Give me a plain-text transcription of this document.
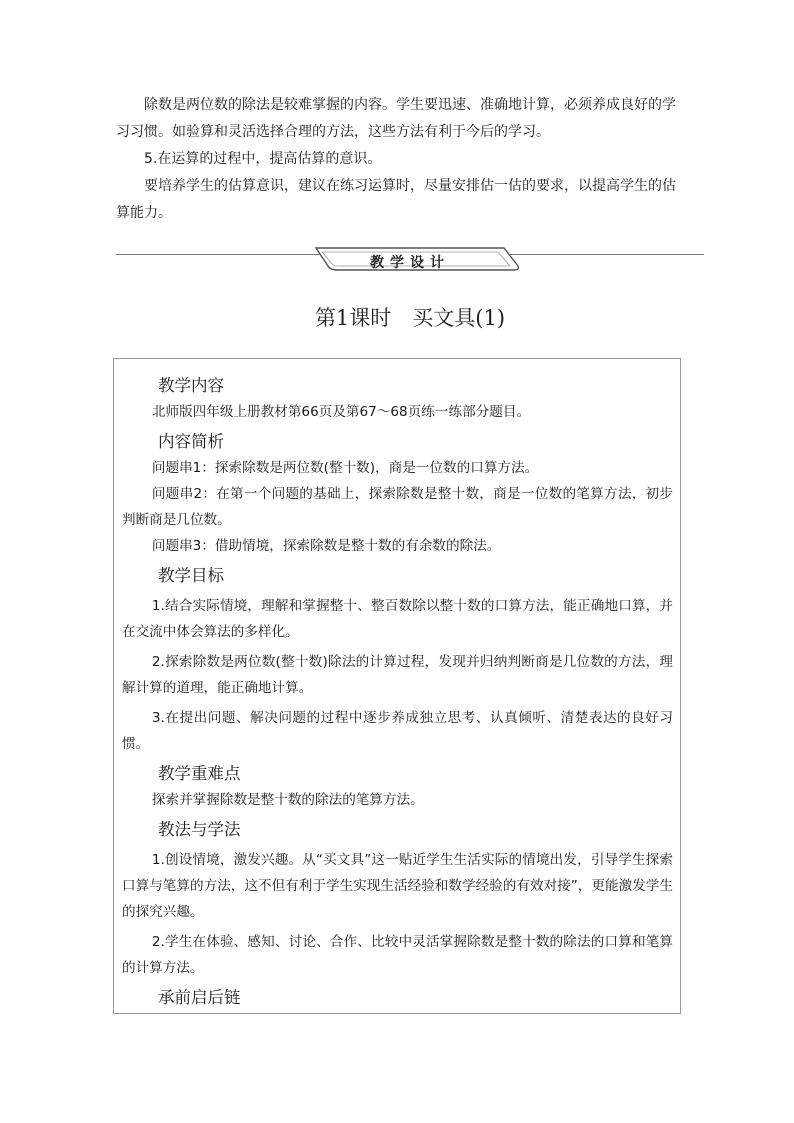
除数是两位数的除法是较难掌握的内容。学生要迅速、准确地计算，必须养成良好的学习习惯。如验算和灵活选择合理的方法，这些方法有利于今后的学习。

5.在运算的过程中，提高估算的意识。

要培养学生的估算意识，建议在练习运算时，尽量安排估一估的要求，以提高学生的估算能力。

教学设计
第1课时　买文具(1)
教学内容

北师版四年级上册教材第66页及第67～68页练一练部分题目。

内容简析

问题串1：探索除数是两位数(整十数)，商是一位数的口算方法。

问题串2：在第一个问题的基础上，探索除数是整十数，商是一位数的笔算方法，初步判断商是几位数。

问题串3：借助情境，探索除数是整十数的有余数的除法。

教学目标

1.结合实际情境，理解和掌握整十、整百数除以整十数的口算方法，能正确地口算，并在交流中体会算法的多样化。

2.探索除数是两位数(整十数)除法的计算过程，发现并归纳判断商是几位数的方法，理解计算的道理，能正确地计算。

3.在提出问题、解决问题的过程中逐步养成独立思考、认真倾听、清楚表达的良好习惯。

教学重难点

探索并掌握除数是整十数的除法的笔算方法。

教法与学法

1.创设情境，激发兴趣。从“买文具”这一贴近学生生活实际的情境出发，引导学生探索口算与笔算的方法，这不但有利于学生实现生活经验和数学经验的有效对接”，更能激发学生的探究兴趣。

2.学生在体验、感知、讨论、合作、比较中灵活掌握除数是整十数的除法的口算和笔算的计算方法。

承前启后链
